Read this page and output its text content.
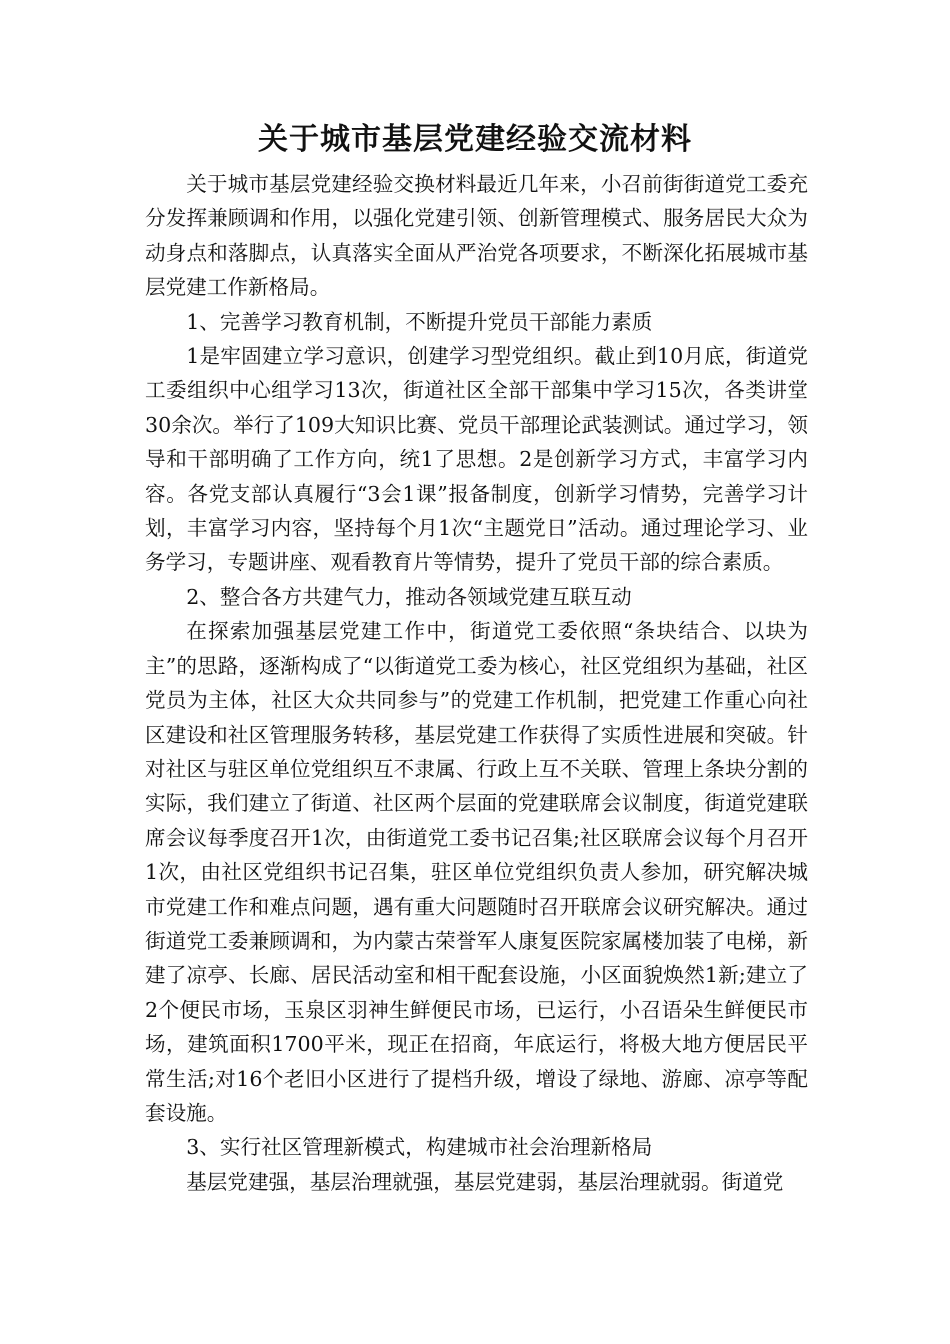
关于城市基层党建经验交流材料

关于城市基层党建经验交换材料最近几年来，小召前街街道党工委充分发挥兼顾调和作用，以强化党建引领、创新管理模式、服务居民大众为动身点和落脚点，认真落实全面从严治党各项要求，不断深化拓展城市基层党建工作新格局。

1、完善学习教育机制，不断提升党员干部能力素质

1是牢固建立学习意识，创建学习型党组织。截止到10月底，街道党工委组织中心组学习13次，街道社区全部干部集中学习15次，各类讲堂30余次。举行了109大知识比赛、党员干部理论武装测试。通过学习，领导和干部明确了工作方向，统1了思想。2是创新学习方式，丰富学习内容。各党支部认真履行“3会1课”报备制度，创新学习情势，完善学习计划，丰富学习内容，坚持每个月1次“主题党日”活动。通过理论学习、业务学习，专题讲座、观看教育片等情势，提升了党员干部的综合素质。

2、整合各方共建气力，推动各领域党建互联互动

在探索加强基层党建工作中，街道党工委依照“条块结合、以块为主”的思路，逐渐构成了“以街道党工委为核心，社区党组织为基础，社区党员为主体，社区大众共同参与”的党建工作机制，把党建工作重心向社区建设和社区管理服务转移，基层党建工作获得了实质性进展和突破。针对社区与驻区单位党组织互不隶属、行政上互不关联、管理上条块分割的实际，我们建立了街道、社区两个层面的党建联席会议制度，街道党建联席会议每季度召开1次，由街道党工委书记召集;社区联席会议每个月召开1次，由社区党组织书记召集，驻区单位党组织负责人参加，研究解决城市党建工作和难点问题，遇有重大问题随时召开联席会议研究解决。通过街道党工委兼顾调和，为内蒙古荣誉军人康复医院家属楼加装了电梯，新建了凉亭、长廊、居民活动室和相干配套设施，小区面貌焕然1新;建立了2个便民市场，玉泉区羽神生鲜便民市场，已运行，小召语朵生鲜便民市场，建筑面积1700平米，现正在招商，年底运行，将极大地方便居民平常生活;对16个老旧小区进行了提档升级，增设了绿地、游廊、凉亭等配套设施。

3、实行社区管理新模式，构建城市社会治理新格局

基层党建强，基层治理就强，基层党建弱，基层治理就弱。街道党
